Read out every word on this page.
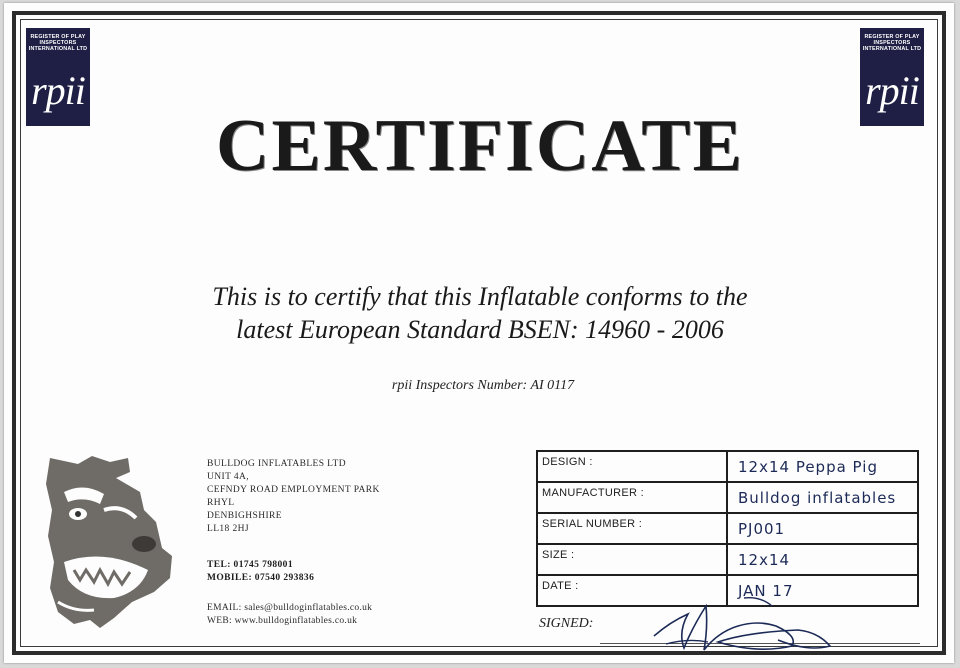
REGISTER OF PLAY INSPECTORS INTERNATIONAL LTD
rpii
REGISTER OF PLAY INSPECTORS INTERNATIONAL LTD
rpii
CERTIFICATE
This is to certify that this Inflatable conforms to the
latest European Standard BSEN: 14960 - 2006
rpii Inspectors Number: AI 0117
BULLDOG INFLATABLES LTD
UNIT 4A,
CEFNDY ROAD EMPLOYMENT PARK
RHYL
DENBIGHSHIRE
LL18 2HJ
TEL: 01745 798001
MOBILE: 07540 293836
EMAIL: sales@bulldoginflatables.co.uk
WEB: www.bulldoginflatables.co.uk
DESIGN :	12x14 Peppa Pig
MANUFACTURER :	Bulldog inflatables
SERIAL NUMBER :	PJ001
SIZE :	12x14
DATE :	JAN 17
SIGNED:
